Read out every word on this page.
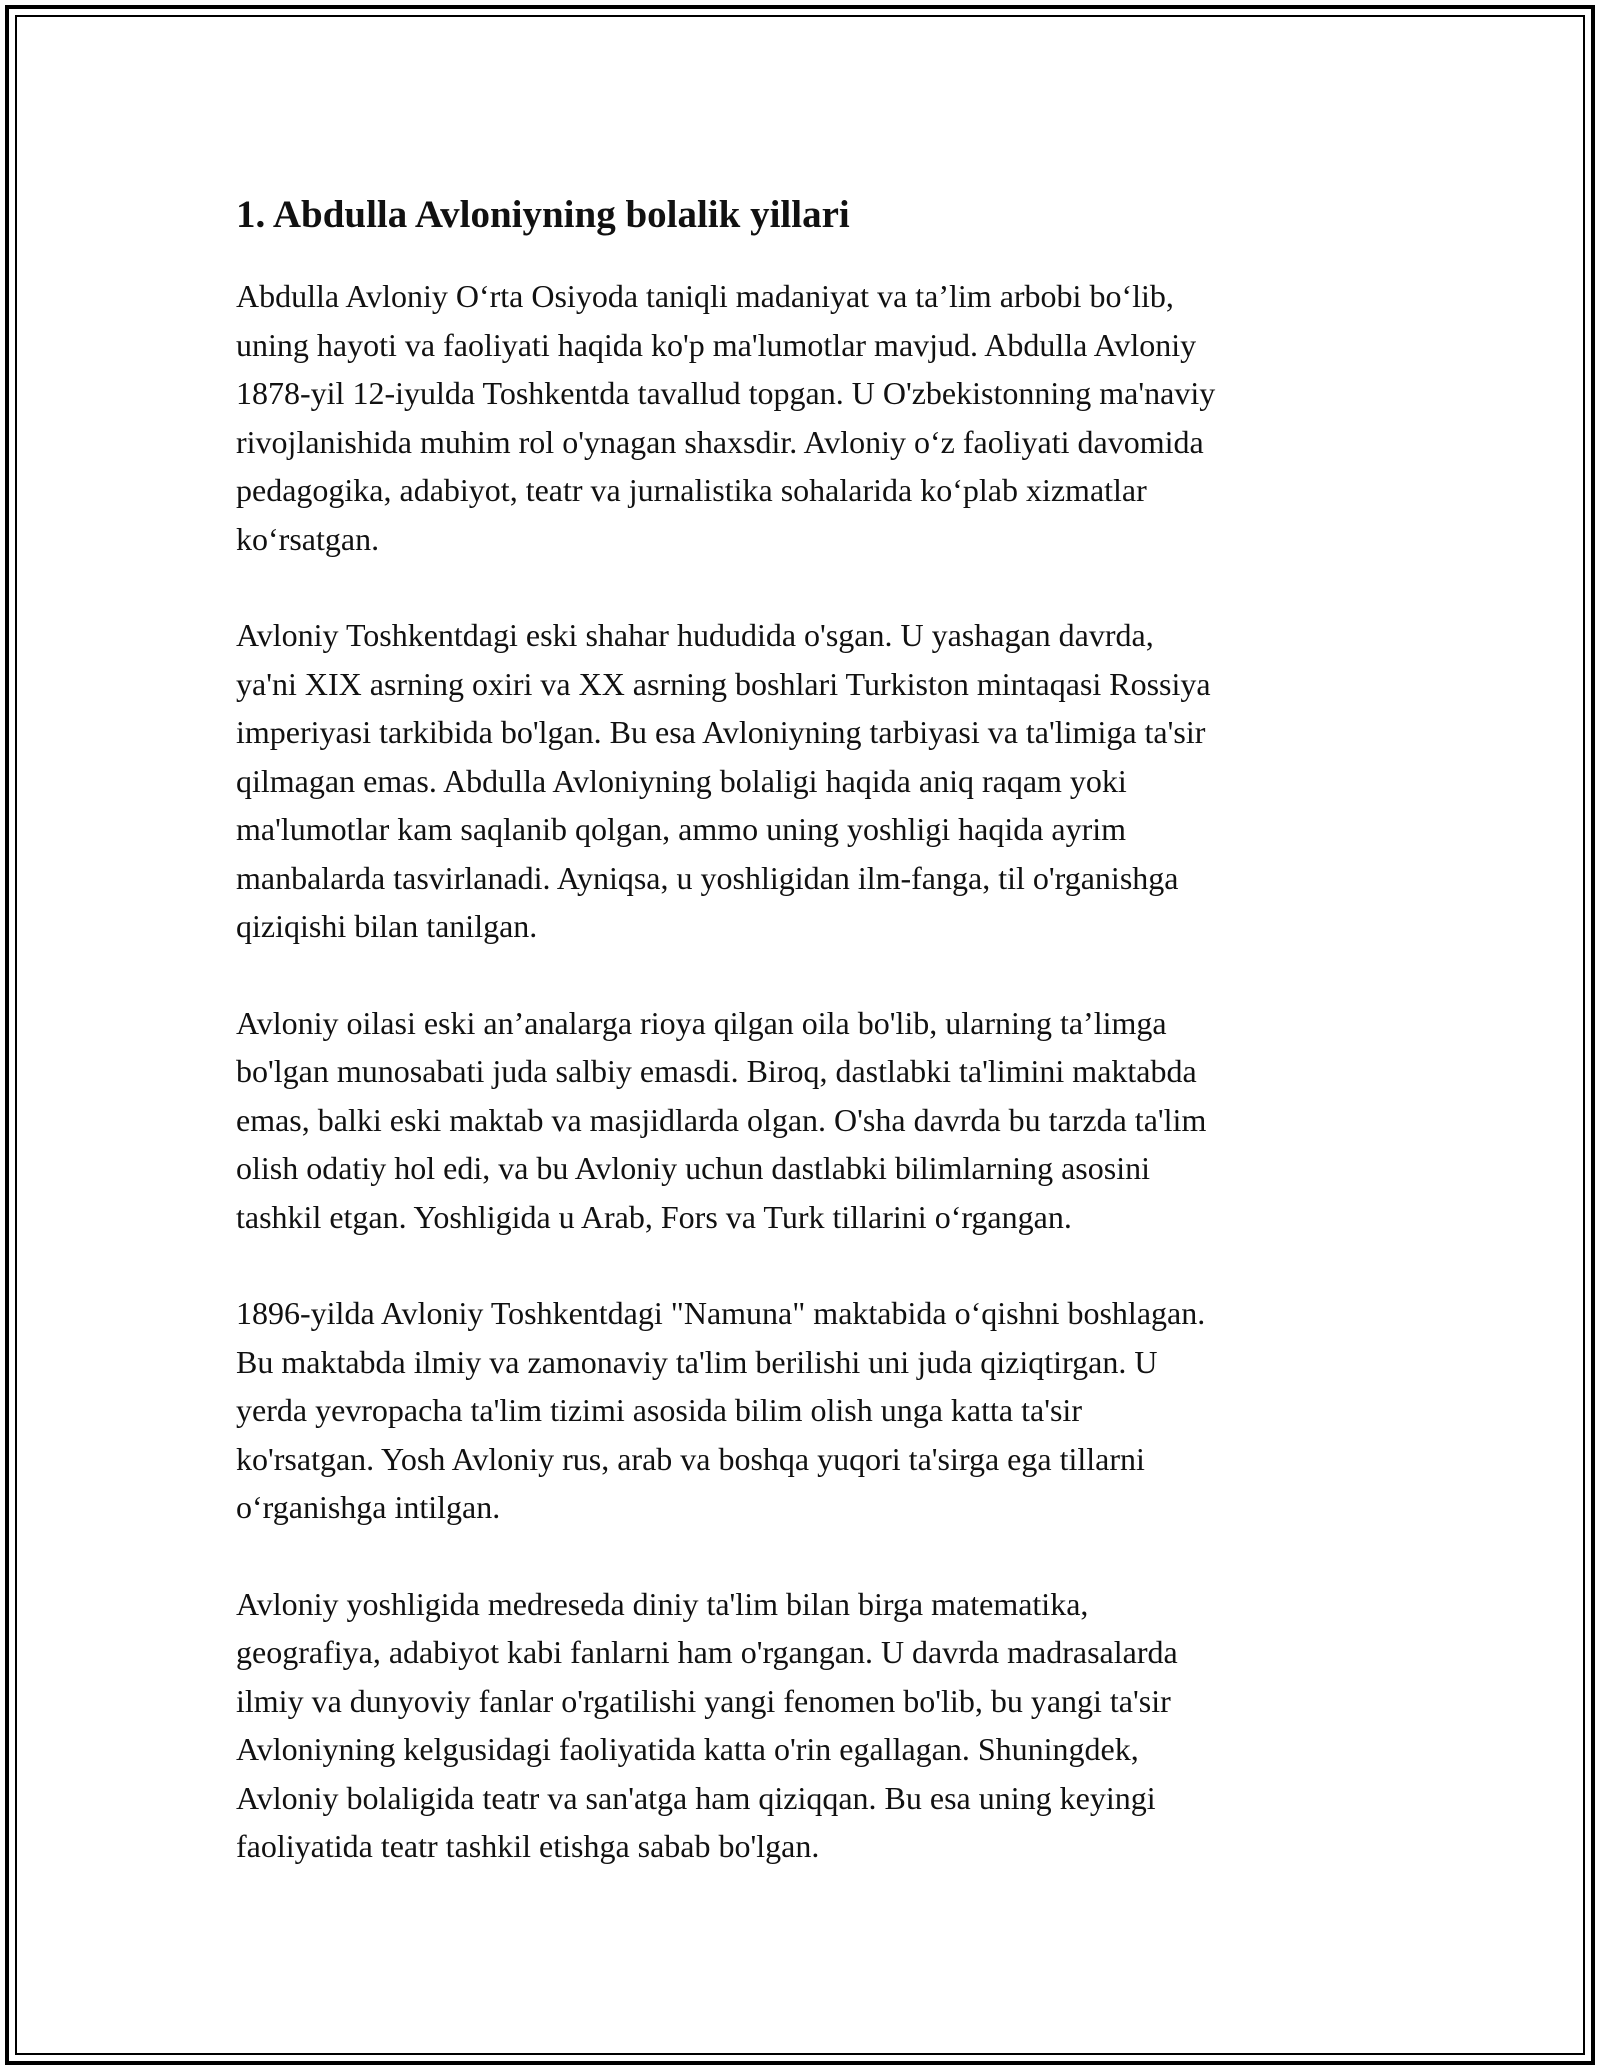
1. Abdulla Avloniyning bolalik yillari

Abdulla Avloniy O‘rta Osiyoda taniqli madaniyat va ta’lim arbobi bo‘lib,
uning hayoti va faoliyati haqida ko'p ma'lumotlar mavjud. Abdulla Avloniy
1878-yil 12-iyulda Toshkentda tavallud topgan. U O'zbekistonning ma'naviy
rivojlanishida muhim rol o'ynagan shaxsdir. Avloniy o‘z faoliyati davomida
pedagogika, adabiyot, teatr va jurnalistika sohalarida ko‘plab xizmatlar
ko‘rsatgan.

Avloniy Toshkentdagi eski shahar hududida o'sgan. U yashagan davrda,
ya'ni XIX asrning oxiri va XX asrning boshlari Turkiston mintaqasi Rossiya
imperiyasi tarkibida bo'lgan. Bu esa Avloniyning tarbiyasi va ta'limiga ta'sir
qilmagan emas. Abdulla Avloniyning bolaligi haqida aniq raqam yoki
ma'lumotlar kam saqlanib qolgan, ammo uning yoshligi haqida ayrim
manbalarda tasvirlanadi. Ayniqsa, u yoshligidan ilm-fanga, til o'rganishga
qiziqishi bilan tanilgan.

Avloniy oilasi eski an’analarga rioya qilgan oila bo'lib, ularning ta’limga
bo'lgan munosabati juda salbiy emasdi. Biroq, dastlabki ta'limini maktabda
emas, balki eski maktab va masjidlarda olgan. O'sha davrda bu tarzda ta'lim
olish odatiy hol edi, va bu Avloniy uchun dastlabki bilimlarning asosini
tashkil etgan. Yoshligida u Arab, Fors va Turk tillarini o‘rgangan.

1896-yilda Avloniy Toshkentdagi "Namuna" maktabida o‘qishni boshlagan.
Bu maktabda ilmiy va zamonaviy ta'lim berilishi uni juda qiziqtirgan. U
yerda yevropacha ta'lim tizimi asosida bilim olish unga katta ta'sir
ko'rsatgan. Yosh Avloniy rus, arab va boshqa yuqori ta'sirga ega tillarni
o‘rganishga intilgan.

Avloniy yoshligida medreseda diniy ta'lim bilan birga matematika,
geografiya, adabiyot kabi fanlarni ham o'rgangan. U davrda madrasalarda
ilmiy va dunyoviy fanlar o'rgatilishi yangi fenomen bo'lib, bu yangi ta'sir
Avloniyning kelgusidagi faoliyatida katta o'rin egallagan. Shuningdek,
Avloniy bolaligida teatr va san'atga ham qiziqqan. Bu esa uning keyingi
faoliyatida teatr tashkil etishga sabab bo'lgan.
